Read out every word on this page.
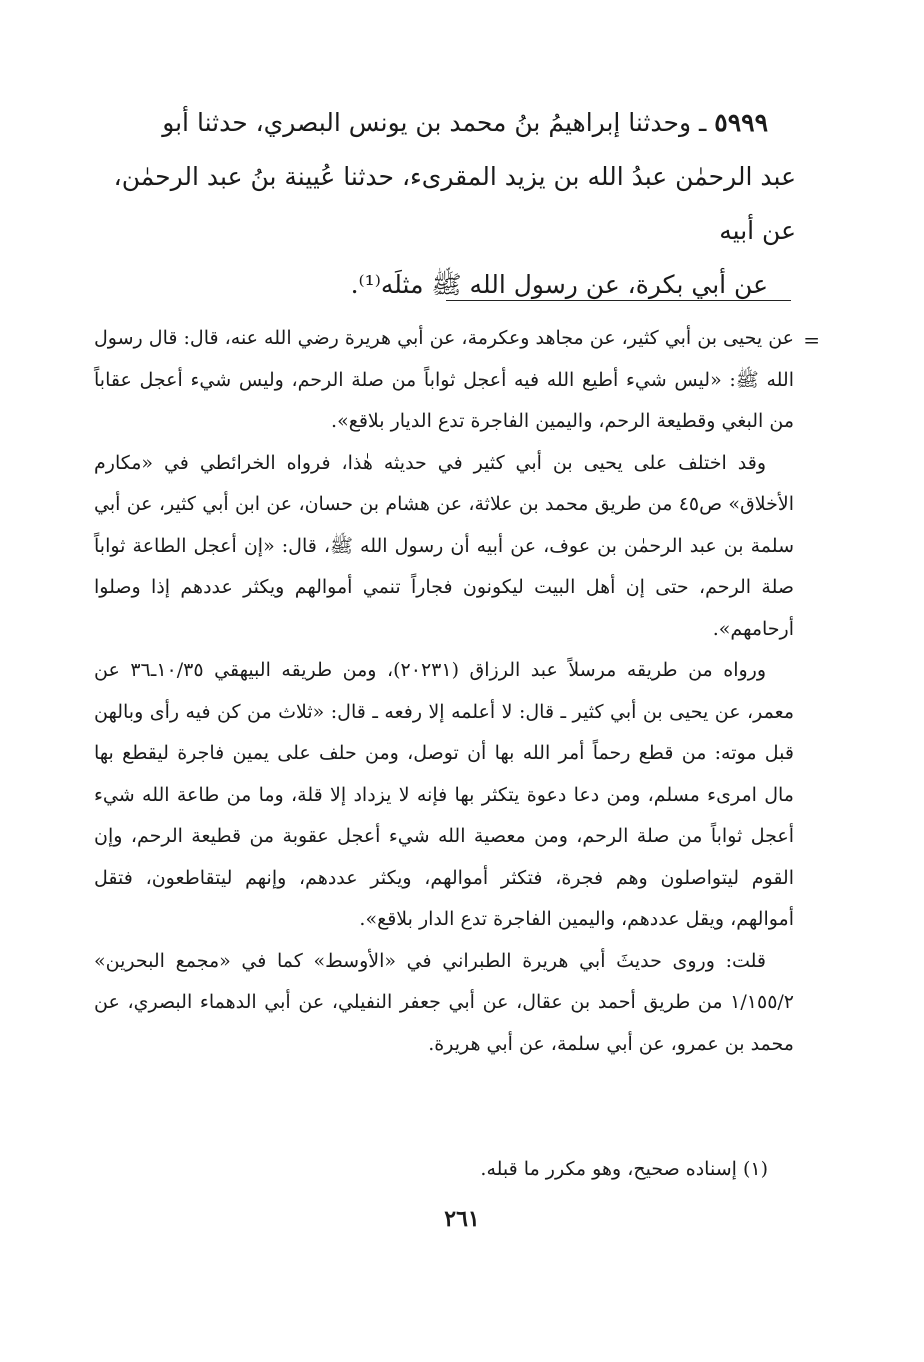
٥٩٩٩ ـ وحدثنا إبراهيمُ بنُ محمد بن يونس البصري، حدثنا أبو

عبد الرحمٰن عبدُ الله بن يزيد المقرىء، حدثنا عُيينة بنُ عبد الرحمٰن،

عن أبيه

عن أبي بكرة، عن رسول الله ﷺ مثلَه⁽¹⁾.

=

عن يحيى بن أبي كثير، عن مجاهد وعكرمة، عن أبي هريرة رضي الله عنه، قال: قال رسول الله ﷺ: «ليس شيء أطيع الله فيه أعجل ثواباً من صلة الرحم، وليس شيء أعجل عقاباً من البغي وقطيعة الرحم، واليمين الفاجرة تدع الديار بلاقع».

وقد اختلف على يحيى بن أبي كثير في حديثه هٰذا، فرواه الخرائطي في «مكارم الأخلاق» ص٤٥ من طريق محمد بن علاثة، عن هشام بن حسان، عن ابن أبي كثير، عن أبي سلمة بن عبد الرحمٰن بن عوف، عن أبيه أن رسول الله ﷺ، قال: «إن أعجل الطاعة ثواباً صلة الرحم، حتى إن أهل البيت ليكونون فجاراً تنمي أموالهم ويكثر عددهم إذا وصلوا أرحامهم».

ورواه من طريقه مرسلاً عبد الرزاق (٢٠٢٣١)، ومن طريقه البيهقي ١٠/٣٥ـ٣٦ عن معمر، عن يحيى بن أبي كثير ـ قال: لا أعلمه إلا رفعه ـ قال: «ثلاث من كن فيه رأى وبالهن قبل موته: من قطع رحماً أمر الله بها أن توصل، ومن حلف على يمين فاجرة ليقطع بها مال امرىء مسلم، ومن دعا دعوة يتكثر بها فإنه لا يزداد إلا قلة، وما من طاعة الله شيء أعجل ثواباً من صلة الرحم، ومن معصية الله شيء أعجل عقوبة من قطيعة الرحم، وإن القوم ليتواصلون وهم فجرة، فتكثر أموالهم، ويكثر عددهم، وإنهم ليتقاطعون، فتقل أموالهم، ويقل عددهم، واليمين الفاجرة تدع الدار بلاقع».

قلت: وروى حديثَ أبي هريرة الطبراني في «الأوسط» كما في «مجمع البحرين» ١/١٥٥/٢ من طريق أحمد بن عقال، عن أبي جعفر النفيلي، عن أبي الدهماء البصري، عن محمد بن عمرو، عن أبي سلمة، عن أبي هريرة.

(١) إسناده صحيح، وهو مكرر ما قبله.
٢٦١
